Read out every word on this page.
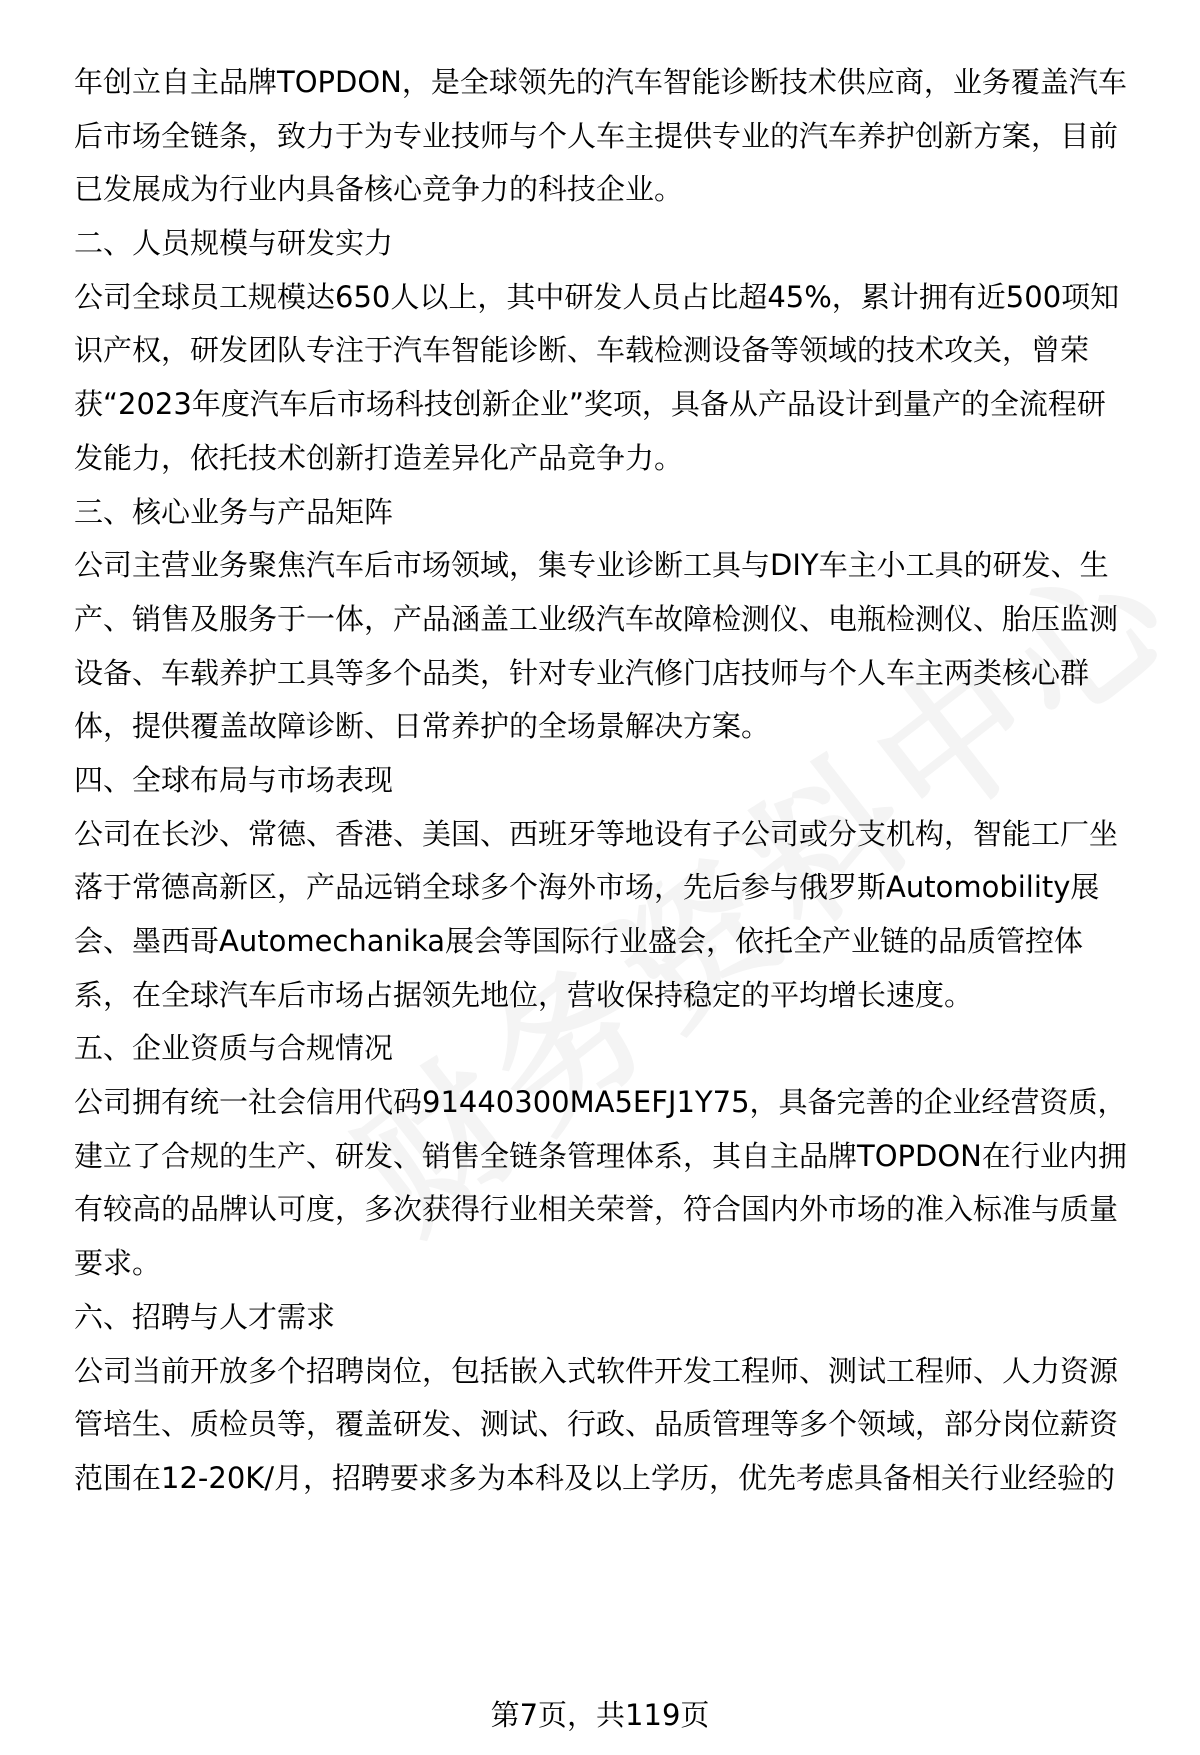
年创立自主品牌TOPDON，是全球领先的汽车智能诊断技术供应商，业务覆盖汽车
后市场全链条，致力于为专业技师与个人车主提供专业的汽车养护创新方案，目前
已发展成为行业内具备核心竞争力的科技企业。
二、人员规模与研发实力
公司全球员工规模达650人以上，其中研发人员占比超45%，累计拥有近500项知
识产权，研发团队专注于汽车智能诊断、车载检测设备等领域的技术攻关，曾荣
获“2023年度汽车后市场科技创新企业”奖项，具备从产品设计到量产的全流程研
发能力，依托技术创新打造差异化产品竞争力。
三、核心业务与产品矩阵
公司主营业务聚焦汽车后市场领域，集专业诊断工具与DIY车主小工具的研发、生
产、销售及服务于一体，产品涵盖工业级汽车故障检测仪、电瓶检测仪、胎压监测
设备、车载养护工具等多个品类，针对专业汽修门店技师与个人车主两类核心群
体，提供覆盖故障诊断、日常养护的全场景解决方案。
四、全球布局与市场表现
公司在长沙、常德、香港、美国、西班牙等地设有子公司或分支机构，智能工厂坐
落于常德高新区，产品远销全球多个海外市场，先后参与俄罗斯Automobility展
会、墨西哥Automechanika展会等国际行业盛会，依托全产业链的品质管控体
系，在全球汽车后市场占据领先地位，营收保持稳定的平均增长速度。
五、企业资质与合规情况
公司拥有统一社会信用代码91440300MA5EFJ1Y75，具备完善的企业经营资质，
建立了合规的生产、研发、销售全链条管理体系，其自主品牌TOPDON在行业内拥
有较高的品牌认可度，多次获得行业相关荣誉，符合国内外市场的准入标准与质量
要求。
六、招聘与人才需求
公司当前开放多个招聘岗位，包括嵌入式软件开发工程师、测试工程师、人力资源
管培生、质检员等，覆盖研发、测试、行政、品质管理等多个领域，部分岗位薪资
范围在12-20K/月，招聘要求多为本科及以上学历，优先考虑具备相关行业经验的
第7页，共119页
